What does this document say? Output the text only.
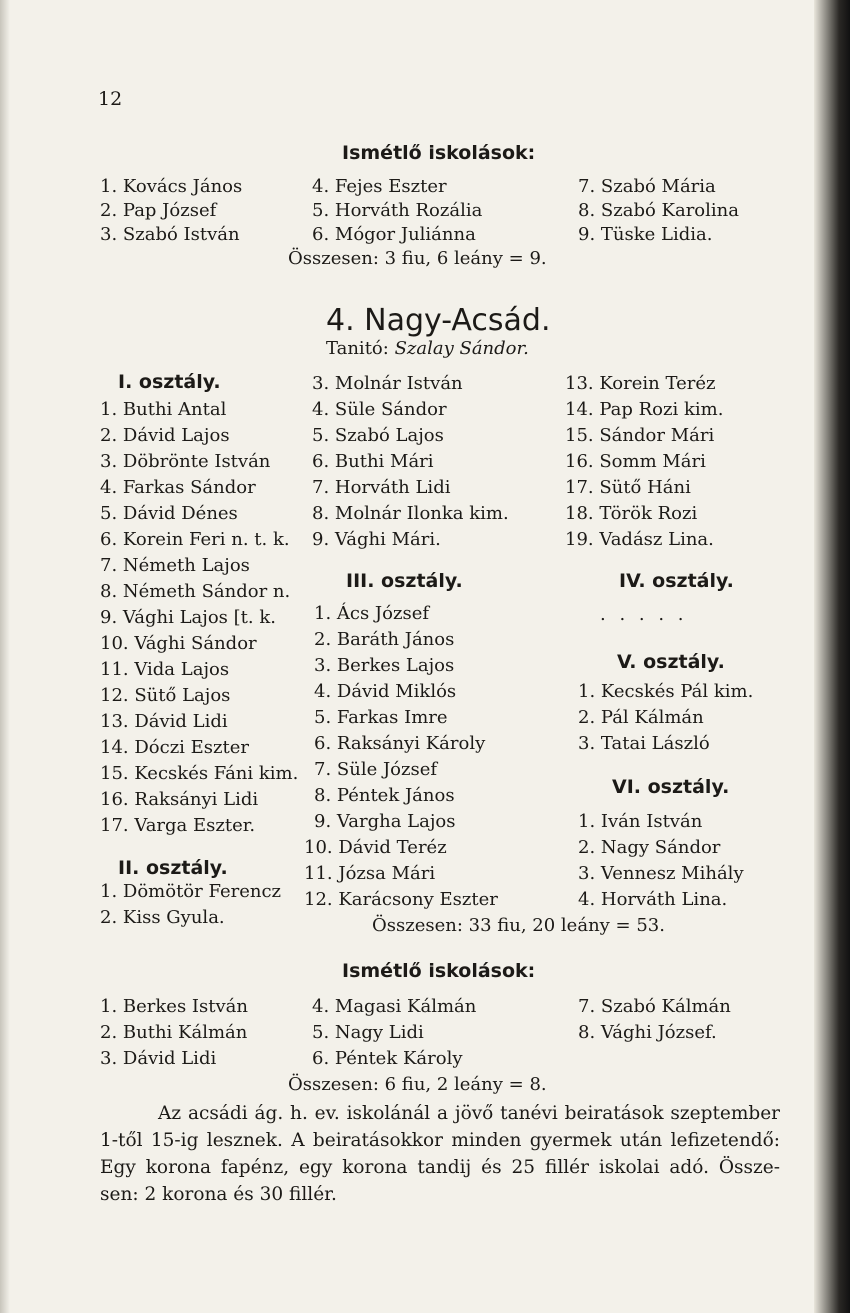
12
Ismétlő iskolások:
1. Kovács János
2. Pap József
3. Szabó István
4. Fejes Eszter
5. Horváth Rozália
6. Mógor Juliánna
7. Szabó Mária
8. Szabó Karolina
9. Tüske Lidia.
Összesen: 3 fiu, 6 leány = 9.
4. Nagy-Acsád.
Tanitó: Szalay Sándor.
I. osztály.
1. Buthi Antal
2. Dávid Lajos
3. Döbrönte István
4. Farkas Sándor
5. Dávid Dénes
6. Korein Feri n. t. k.
7. Németh Lajos
8. Németh Sándor n.
9. Vághi Lajos [t. k.
10. Vághi Sándor
11. Vida Lajos
12. Sütő Lajos
13. Dávid Lidi
14. Dóczi Eszter
15. Kecskés Fáni kim.
16. Raksányi Lidi
17. Varga Eszter.
3. Molnár István
4. Süle Sándor
5. Szabó Lajos
6. Buthi Mári
7. Horváth Lidi
8. Molnár Ilonka kim.
9. Vághi Mári.
13. Korein Teréz
14. Pap Rozi kim.
15. Sándor Mári
16. Somm Mári
17. Sütő Háni
18. Török Rozi
19. Vadász Lina.
III. osztály.
1. Ács József
2. Baráth János
3. Berkes Lajos
4. Dávid Miklós
5. Farkas Imre
6. Raksányi Károly
7. Süle József
8. Péntek János
9. Vargha Lajos
10. Dávid Teréz
11. Józsa Mári
12. Karácsony Eszter
IV. osztály.
. . . . .
V. osztály.
1. Kecskés Pál kim.
2. Pál Kálmán
3. Tatai László
VI. osztály.
1. Iván István
2. Nagy Sándor
3. Vennesz Mihály
4. Horváth Lina.
II. osztály.
1. Dömötör Ferencz
2. Kiss Gyula.	Összesen: 33 fiu, 20 leány = 53.
Ismétlő iskolások:
1. Berkes István
2. Buthi Kálmán
3. Dávid Lidi
4. Magasi Kálmán
5. Nagy Lidi
6. Péntek Károly
7. Szabó Kálmán
8. Vághi József.
Összesen: 6 fiu, 2 leány = 8.
Az acsádi ág. h. ev. iskolánál a jövő tanévi beiratások szeptember
1-től 15-ig lesznek. A beiratásokkor minden gyermek után lefizetendő:
Egy korona fapénz, egy korona tandij és 25 fillér iskolai adó. Össze-
sen: 2 korona és 30 fillér.
